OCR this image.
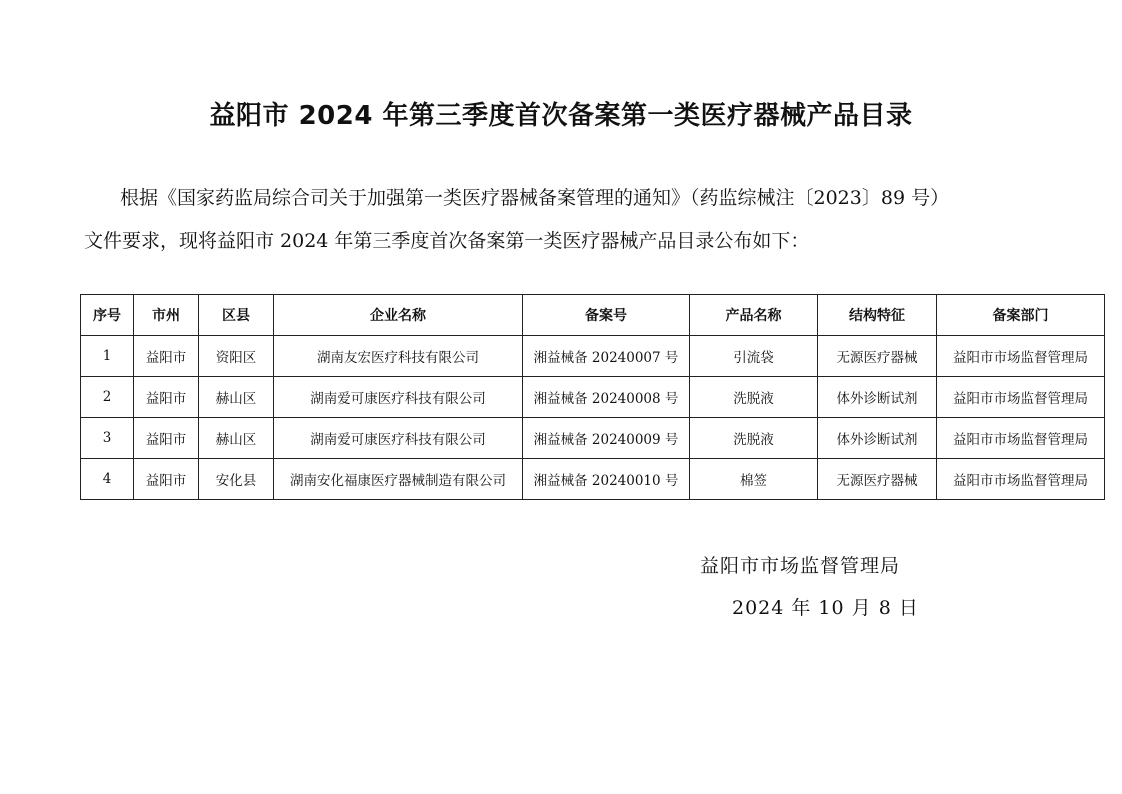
益阳市 2024 年第三季度首次备案第一类医疗器械产品目录
根据《国家药监局综合司关于加强第一类医疗器械备案管理的通知》（药监综械注〔2023〕89 号）
文件要求，现将益阳市 2024 年第三季度首次备案第一类医疗器械产品目录公布如下：
序号	市州	区县	企业名称	备案号	产品名称	结构特征	备案部门
1	益阳市	资阳区	湖南友宏医疗科技有限公司	湘益械备 20240007 号	引流袋	无源医疗器械	益阳市市场监督管理局
2	益阳市	赫山区	湖南爱可康医疗科技有限公司	湘益械备 20240008 号	洗脱液	体外诊断试剂	益阳市市场监督管理局
3	益阳市	赫山区	湖南爱可康医疗科技有限公司	湘益械备 20240009 号	洗脱液	体外诊断试剂	益阳市市场监督管理局
4	益阳市	安化县	湖南安化福康医疗器械制造有限公司	湘益械备 20240010 号	棉签	无源医疗器械	益阳市市场监督管理局
益阳市市场监督管理局
2024 年 10 月 8 日
